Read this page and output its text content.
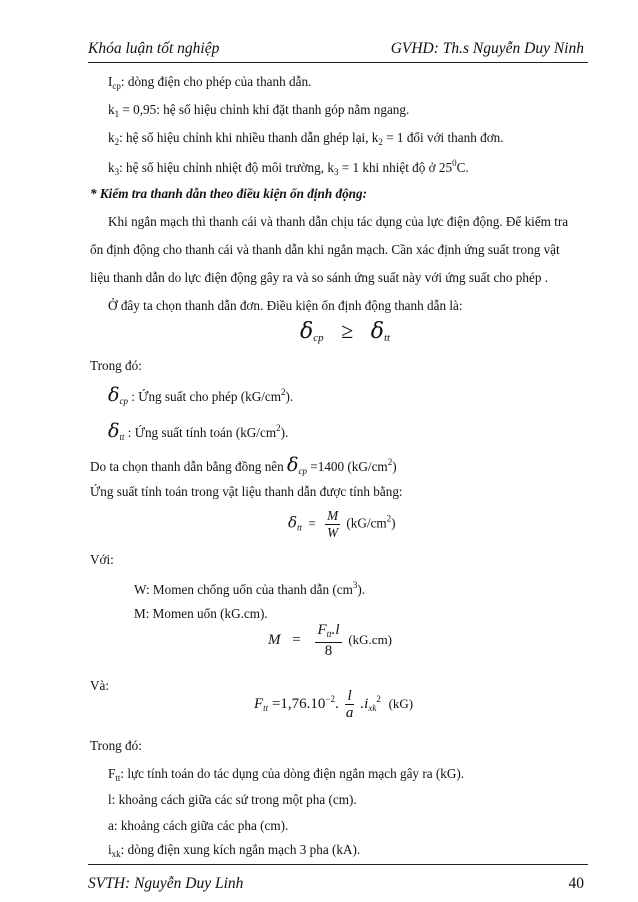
Khóa luận tốt nghiệp	GVHD: Th.s Nguyễn Duy Ninh
$I_{cp}$: dòng điện cho phép của thanh dẫn.
$k_1 = 0,95$: hệ số hiệu chỉnh khi đặt thanh góp nằm ngang.
$k_2$: hệ số hiệu chỉnh khi nhiều thanh dẫn ghép lại, $k_2 = 1$ đối với thanh đơn.
$k_3$: hệ số hiệu chỉnh nhiệt độ môi trường, $k_3 = 1$ khi nhiệt độ ở $25^0C$.
* Kiểm tra thanh dẫn theo điều kiện ổn định động:
Khi ngắn mạch thì thanh cái và thanh dẫn chịu tác dụng của lực điện động. Để kiểm tra
ổn định động cho thanh cái và thanh dẫn khi ngắn mạch. Cần xác định ứng suất trong vật
liệu thanh dẫn do lực điện động gây ra và so sánh ứng suất này với ứng suất cho phép .
Ở đây ta chọn thanh dẫn đơn. Điều kiện ổn định động thanh dẫn là:
$\delta_{cp} \ge \delta_{tt}$
Trong đó:
$\delta_{cp}$ : Ứng suất cho phép $(kG/cm^2)$.
$\delta_{tt}$ : Ứng suất tính toán $(kG/cm^2)$.
Do ta chọn thanh dẫn bằng đồng nên $\delta_{cp} =1400$ $(kG/cm^2)$
Ứng suất tính toán trong vật liệu thanh dẫn được tính bằng:
$\delta_{tt} = \frac{M}{W} (kG/cm^2)$
Với:
W: Momen chống uốn của thanh dẫn $(cm^3)$.
M: Momen uốn (kG.cm).
$M = \frac{F_{tt}.l}{8} (kG.cm)$
Và:
$F_{tt} =1,76.10^{-2}$. $\frac{l}{a} .i_{xk}^2$ (kG)
Trong đó:
$F_{tt}$: lực tính toán do tác dụng của dòng điện ngắn mạch gây ra (kG).
l: khoảng cách giữa các sứ trong một pha (cm).
a: khoảng cách giữa các pha (cm).
$i_{xk}$: dòng điện xung kích ngắn mạch 3 pha (kA).
SVTH: Nguyễn Duy Linh	40
